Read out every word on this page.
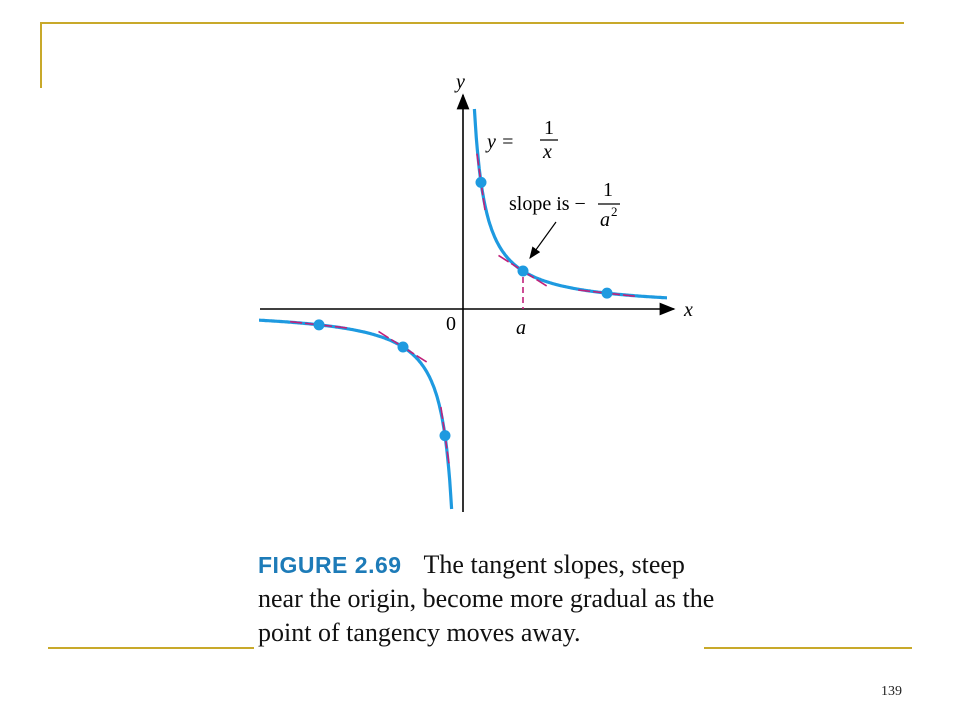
y
x
0	a
y =
1
x
slope is −
1
a 2
FIGURE 2.69 The tangent slopes, steep near the origin, become more gradual as the point of tangency moves away.
139
